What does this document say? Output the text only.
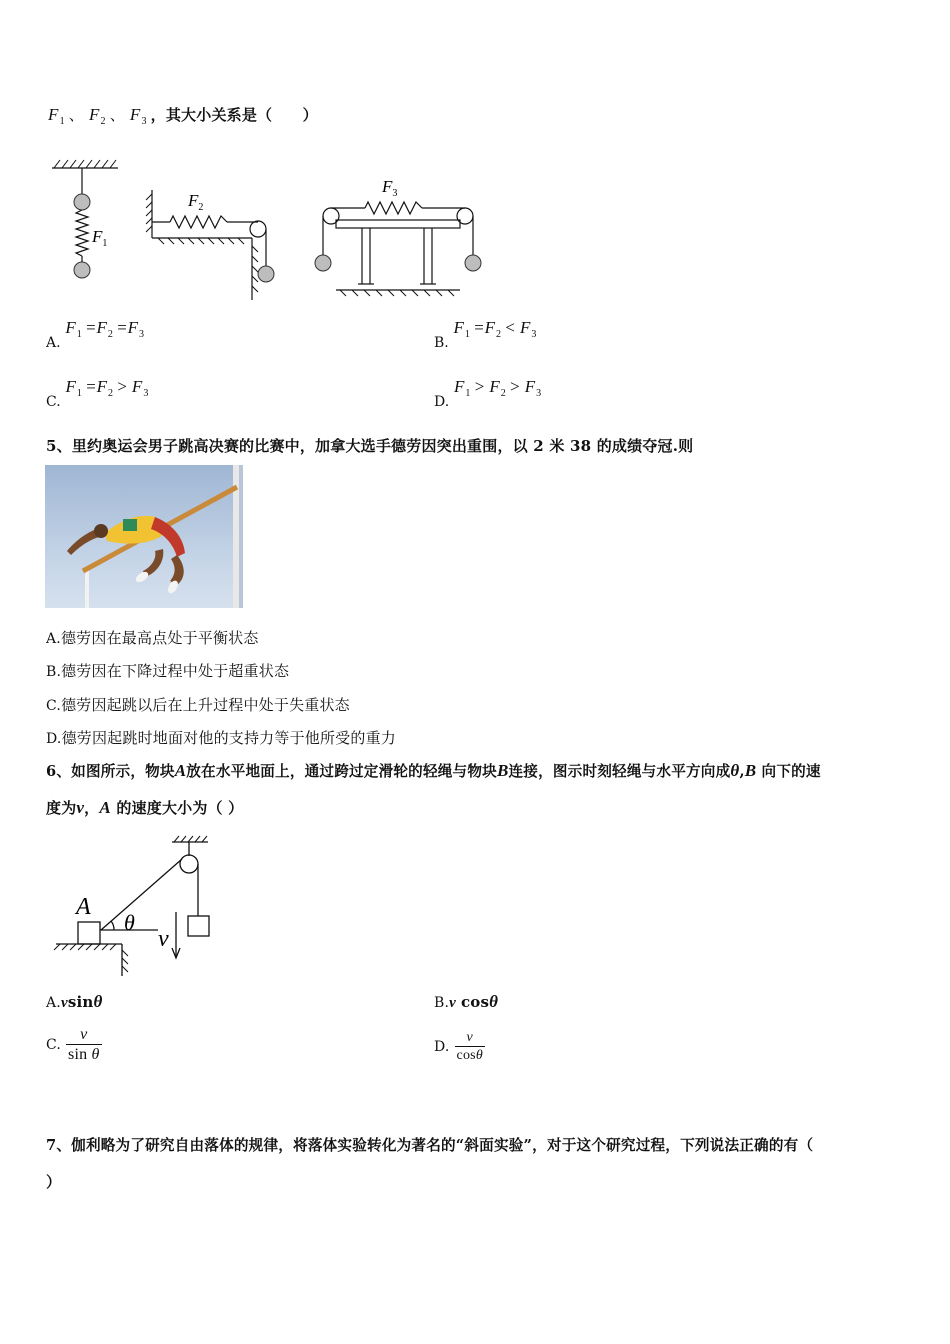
$F_1$ 、 $F_2$ 、 $F_3$ ，其大小关系是（　　）
$F_1$
$F_2$
$F_3$
A. $F_1 =F_2 =F_3$
B. $F_1 =F_2 < F_3$
C. $F_1 =F_2 > F_3$
D. $F_1 > F_2 > F_3$
5、里约奥运会男子跳高决赛的比赛中，加拿大选手德劳因突出重围，以 2 米 38 的成绩夺冠.则
A.德劳因在最高点处于平衡状态
B.德劳因在下降过程中处于超重状态
C.德劳因起跳以后在上升过程中处于失重状态
D.德劳因起跳时地面对他的支持力等于他所受的重力
6、如图所示，物块A放在水平地面上，通过跨过定滑轮的轻绳与物块B连接，图示时刻轻绳与水平方向成θ,B 向下的速
度为v，A 的速度大小为（ ）
A
θ
v
A.vsinθ	B.v cosθ
C. $\frac{v}{\text{sin θ}}$	D. $\frac{v}{\cos\theta}$
7、伽利略为了研究自由落体的规律，将落体实验转化为著名的“斜面实验”，对于这个研究过程，下列说法正确的有（
）
